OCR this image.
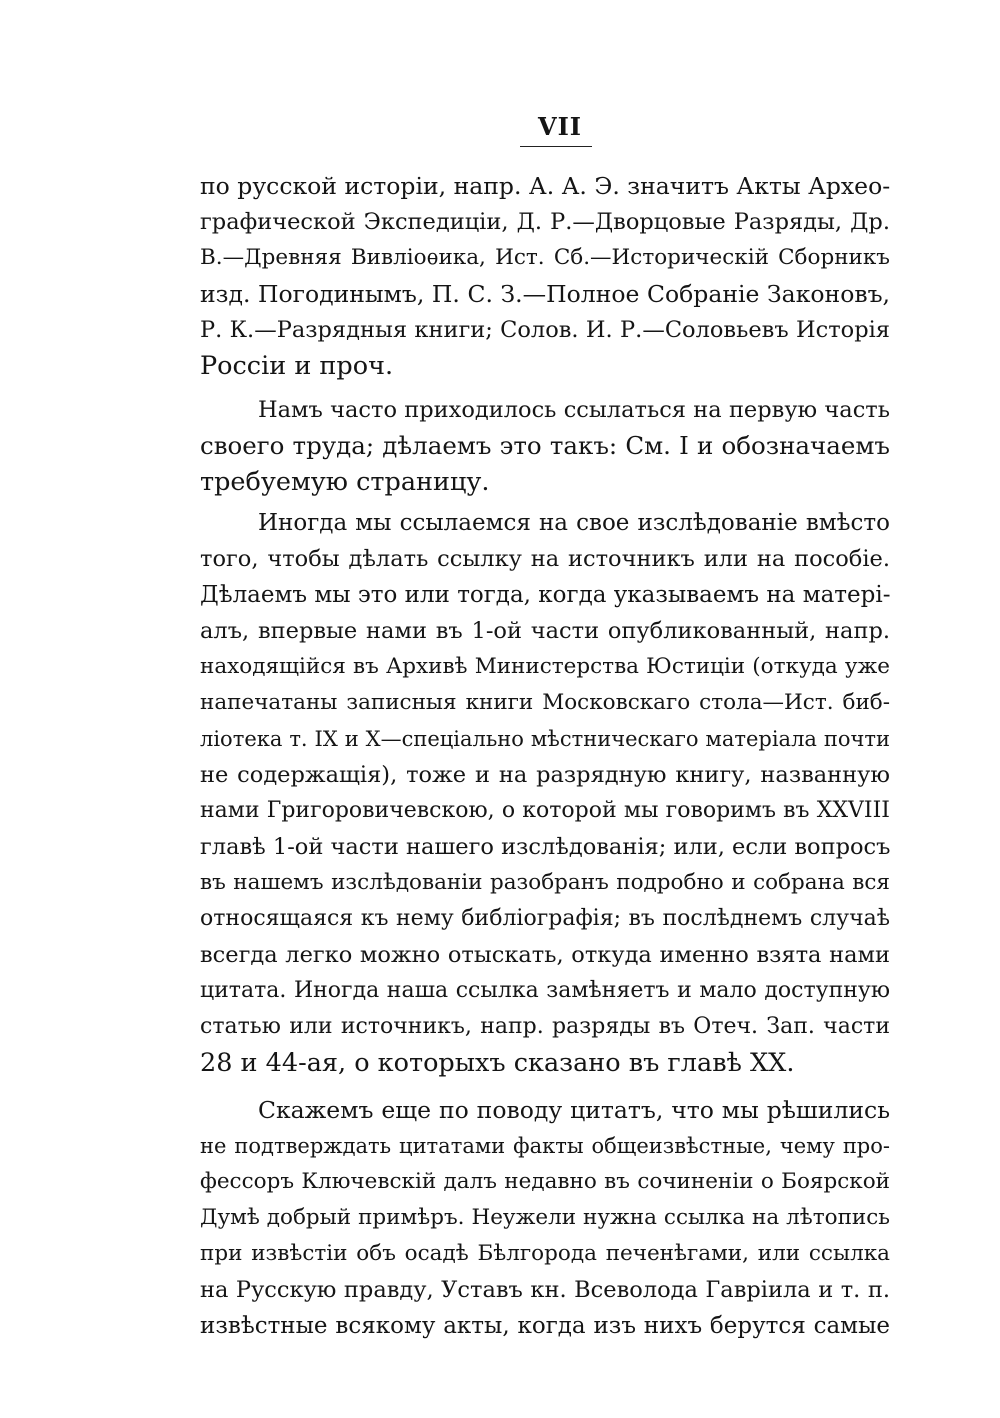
VII
по русской исторіи, напр. А. А. Э. значитъ Акты Архео-
графической Экспедиціи, Д. Р.—Дворцовые Разряды, Др.
В.—Древняя Вивліоѳика, Ист. Сб.—Историческій Сборникъ
изд. Погодинымъ, П. С. З.—Полное Собраніе Законовъ,
Р. К.—Разрядныя книги; Солов. И. Р.—Соловьевъ Исторія
Россіи и проч.
Намъ часто приходилось ссылаться на первую часть
своего труда; дѣлаемъ это такъ: См. I и обозначаемъ
требуемую страницу.
Иногда мы ссылаемся на свое изслѣдованіе вмѣсто
того, чтобы дѣлать ссылку на источникъ или на пособіе.
Дѣлаемъ мы это или тогда, когда указываемъ на матерi-
алъ, впервые нами въ 1-ой части опубликованный, напр.
находящійся въ Архивѣ Министерства Юстиціи (откуда уже
напечатаны записныя книги Московскаго стола—Ист. биб-
ліотека т. IX и X—спеціально мѣстническаго матеріала почти
не содержащія), тоже и на разрядную книгу, названную
нами Григоровичевскою, о которой мы говоримъ въ XXVIII
главѣ 1-ой части нашего изслѣдованія; или, если вопросъ
въ нашемъ изслѣдованіи разобранъ подробно и собрана вся
относящаяся къ нему библіографія; въ послѣднемъ случаѣ
всегда легко можно отыскать, откуда именно взята нами
цитата. Иногда наша ссылка замѣняетъ и мало доступную
статью или источникъ, напр. разряды въ Отеч. Зап. части
28 и 44-ая, о которыхъ сказано въ главѣ XX.
Скажемъ еще по поводу цитатъ, что мы рѣшились
не подтверждать цитатами факты общеизвѣстные, чему про-
фессоръ Ключевскій далъ недавно въ сочиненіи о Боярской
Думѣ добрый примѣръ. Неужели нужна ссылка на лѣтопись
при извѣстіи объ осадѣ Бѣлгорода печенѣгами, или ссылка
на Русскую правду, Уставъ кн. Всеволода Гавріила и т. п.
извѣстные всякому акты, когда изъ нихъ берутся самые
